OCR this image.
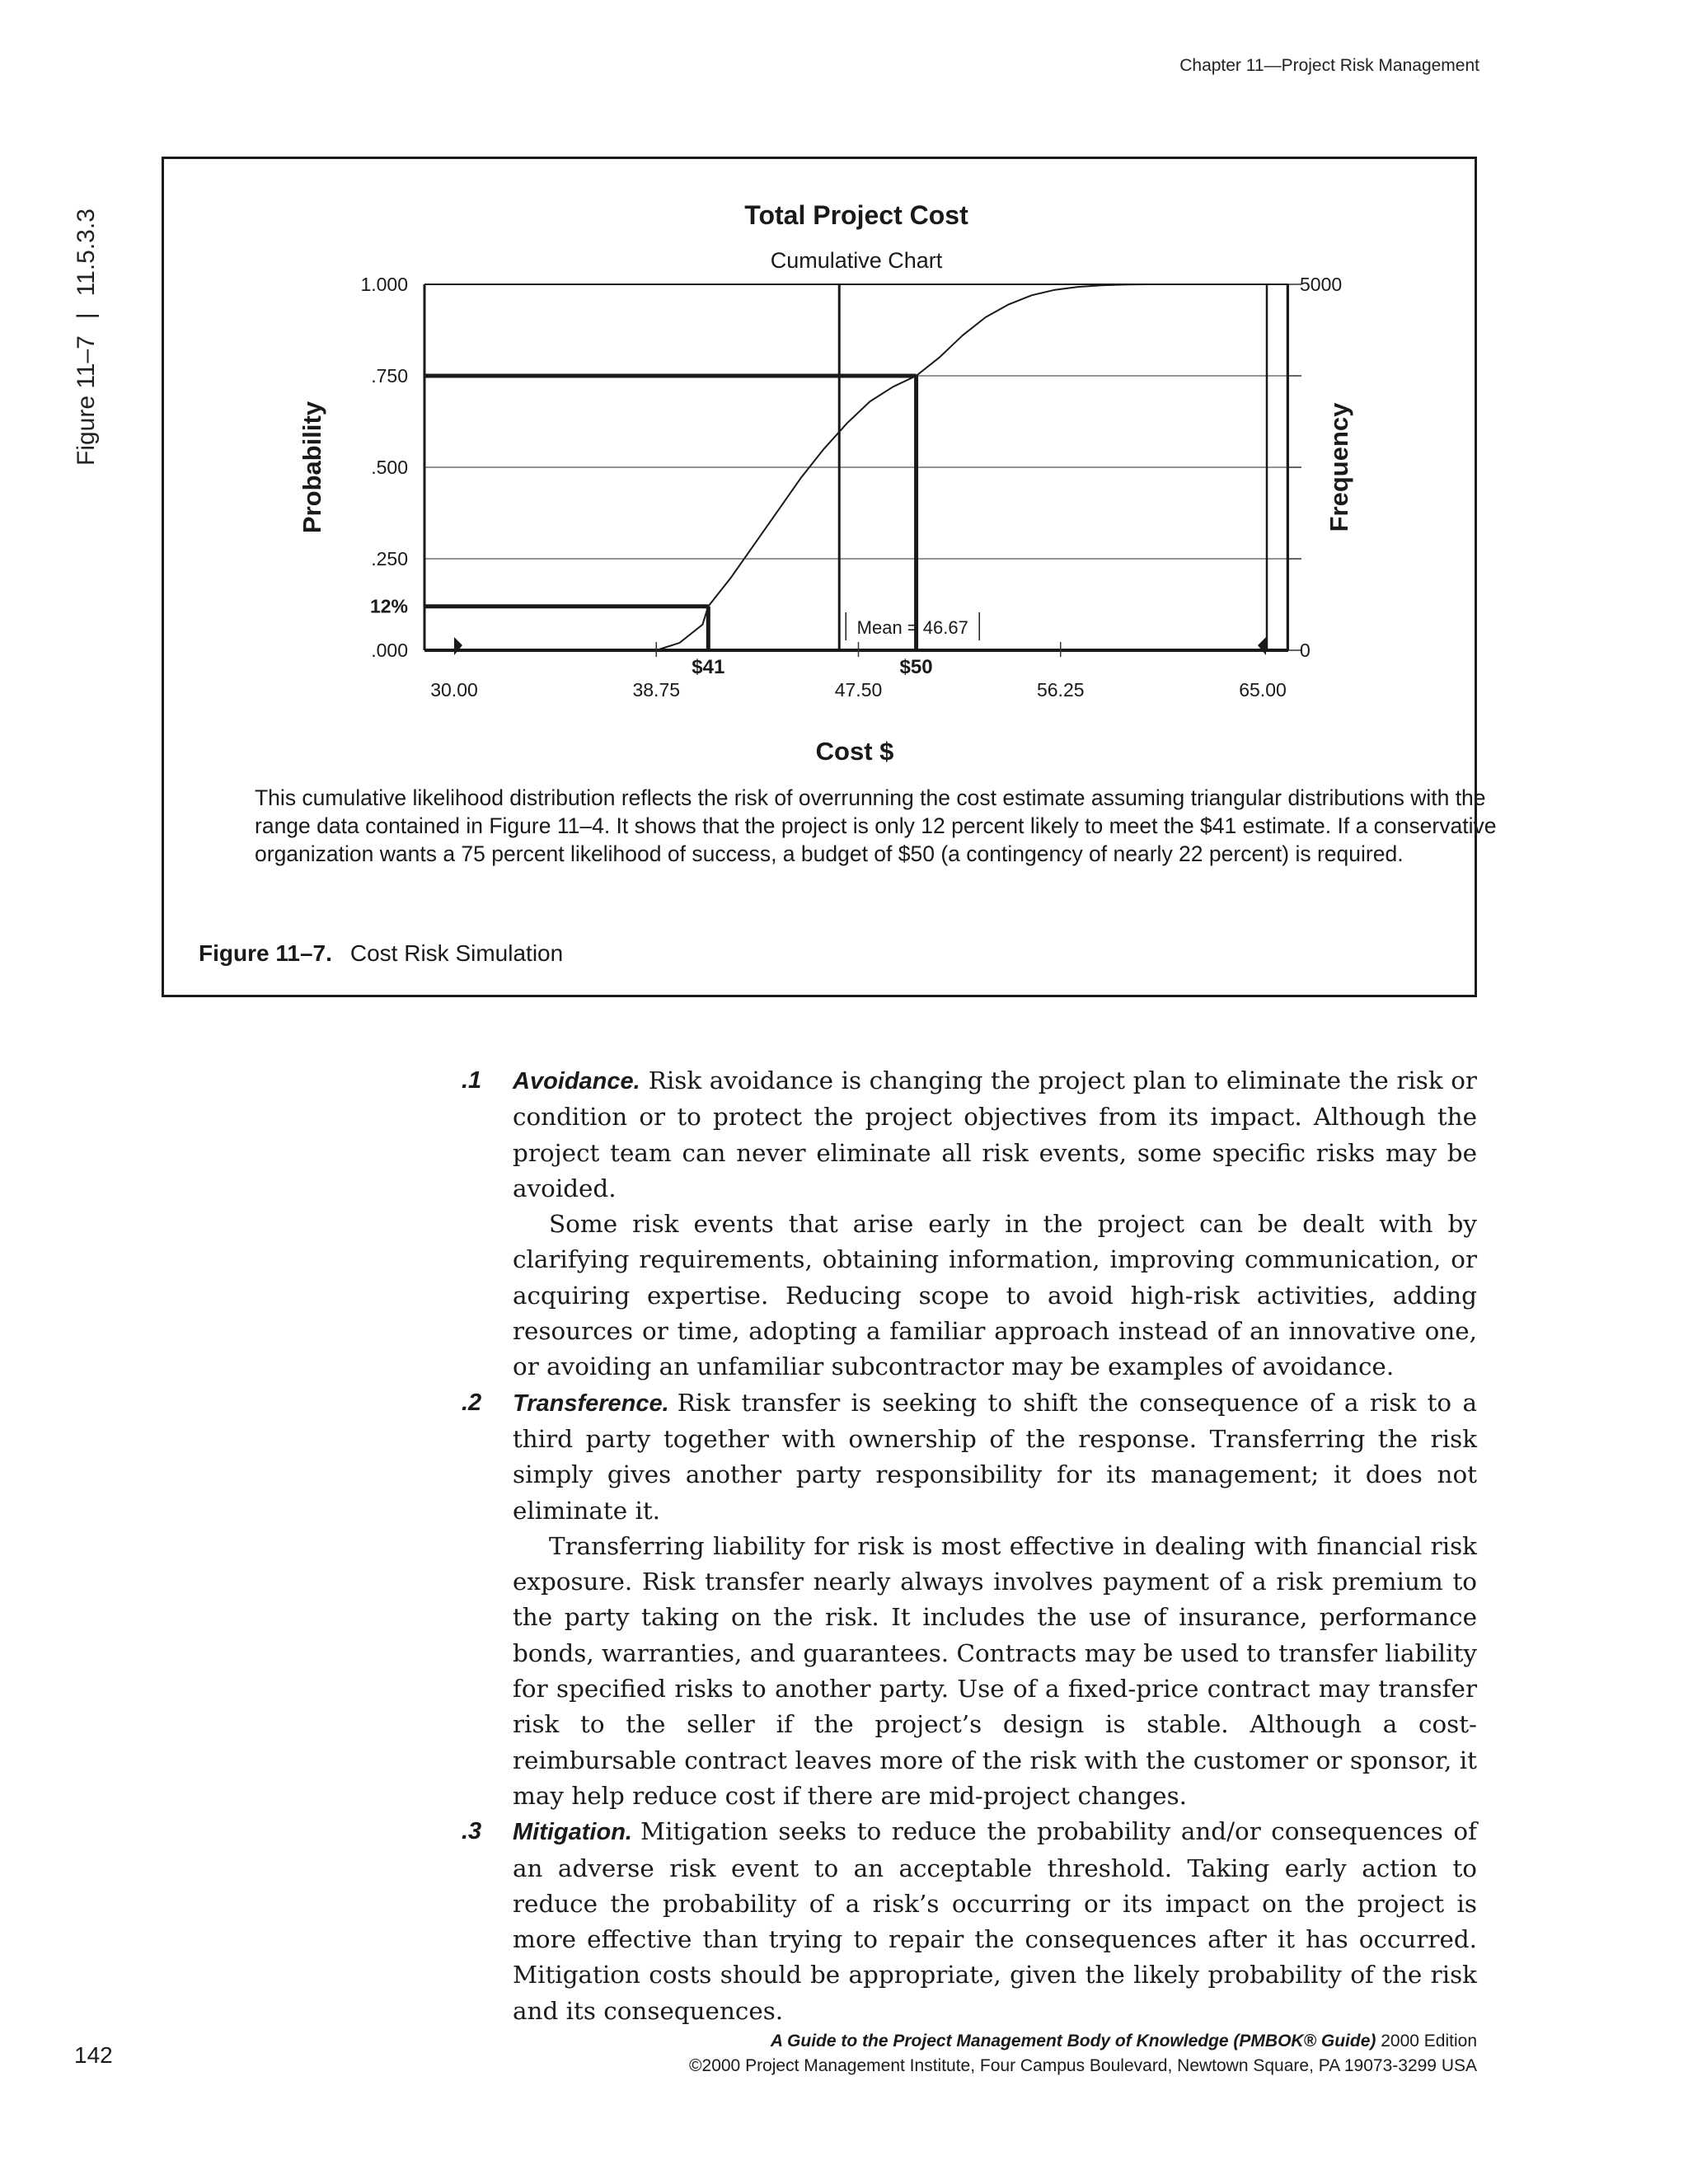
Chapter 11—Project Risk Management
Figure 11–7|11.5.3.3	Total Project Cost
Cumulative Chart
.000
.250
.500
.750
1.000	5000
0
Mean = 46.67
30.00	38.75	47.50	56.25	65.00
$41
12%
$50
Probability	Frequency
Cost $
This cumulative likelihood distribution reflects the risk of overrunning the cost estimate assuming triangular distributions with the range data contained in Figure 11–4. It shows that the project is only 12 percent likely to meet the $41 estimate. If a conservative organization wants a 75 percent likelihood of success, a budget of $50 (a contingency of nearly 22 percent) is required.
Figure 11–7. Cost Risk Simulation

.1 Avoidance. Risk avoidance is changing the project plan to eliminate the risk or condition or to protect the project objectives from its impact. Although the project team can never eliminate all risk events, some specific risks may be avoided.

Some risk events that arise early in the project can be dealt with by clarifying requirements, obtaining information, improving communication, or acquiring expertise. Reducing scope to avoid high-risk activities, adding resources or time, adopting a familiar approach instead of an innovative one, or avoiding an unfamiliar subcontractor may be examples of avoidance.

.2 Transference. Risk transfer is seeking to shift the consequence of a risk to a third party together with ownership of the response. Transferring the risk simply gives another party responsibility for its management; it does not eliminate it.

Transferring liability for risk is most effective in dealing with financial risk exposure. Risk transfer nearly always involves payment of a risk premium to the party taking on the risk. It includes the use of insurance, performance bonds, warranties, and guarantees. Contracts may be used to transfer liability for specified risks to another party. Use of a fixed-price contract may transfer risk to the seller if the project’s design is stable. Although a cost-reimbursable contract leaves more of the risk with the customer or sponsor, it may help reduce cost if there are mid-project changes.

.3 Mitigation. Mitigation seeks to reduce the probability and/or consequences of an adverse risk event to an acceptable threshold. Taking early action to reduce the probability of a risk’s occurring or its impact on the project is more effective than trying to repair the consequences after it has occurred. Mitigation costs should be appropriate, given the likely probability of the risk and its consequences.

142
A Guide to the Project Management Body of Knowledge (PMBOK® Guide) 2000 Edition
©2000 Project Management Institute, Four Campus Boulevard, Newtown Square, PA 19073-3299 USA
